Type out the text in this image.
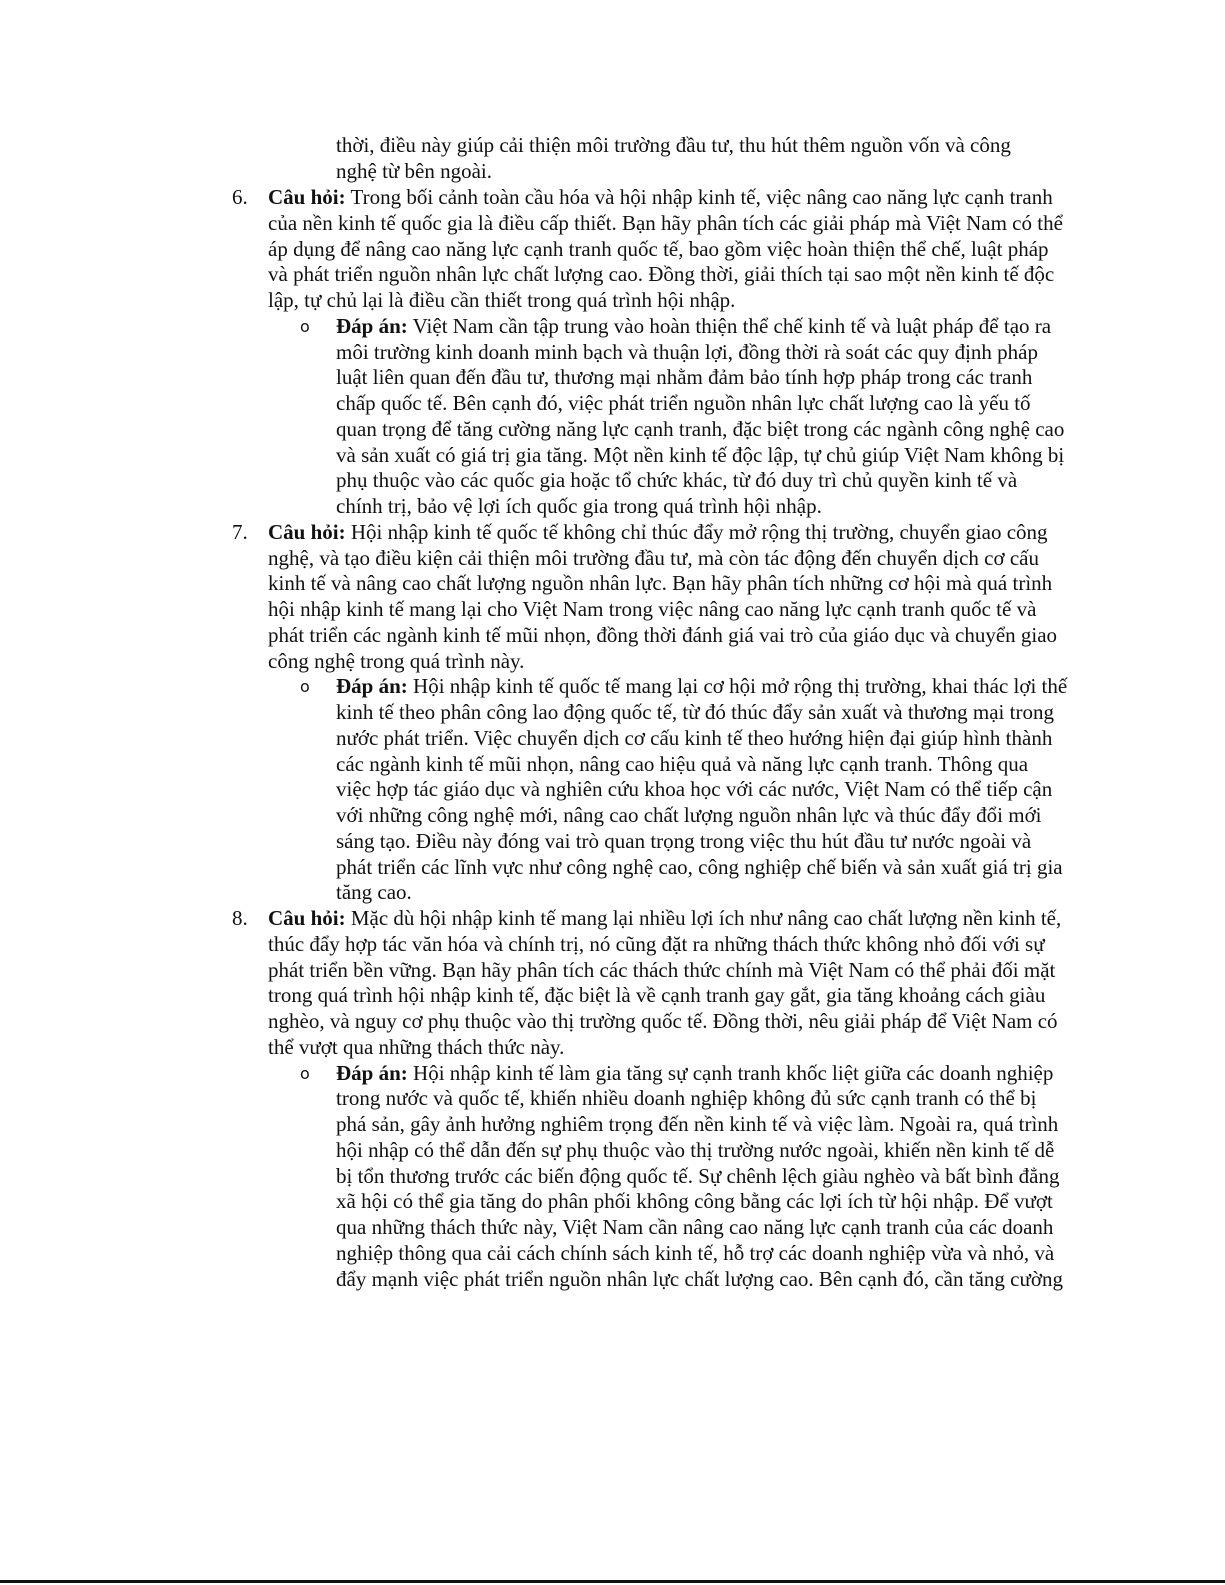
thời, điều này giúp cải thiện môi trường đầu tư, thu hút thêm nguồn vốn và công nghệ từ bên ngoài.

6. Câu hỏi: Trong bối cảnh toàn cầu hóa và hội nhập kinh tế, việc nâng cao năng lực cạnh tranh của nền kinh tế quốc gia là điều cấp thiết. Bạn hãy phân tích các giải pháp mà Việt Nam có thể áp dụng để nâng cao năng lực cạnh tranh quốc tế, bao gồm việc hoàn thiện thể chế, luật pháp và phát triển nguồn nhân lực chất lượng cao. Đồng thời, giải thích tại sao một nền kinh tế độc lập, tự chủ lại là điều cần thiết trong quá trình hội nhập.

o Đáp án: Việt Nam cần tập trung vào hoàn thiện thể chế kinh tế và luật pháp để tạo ra môi trường kinh doanh minh bạch và thuận lợi, đồng thời rà soát các quy định pháp luật liên quan đến đầu tư, thương mại nhằm đảm bảo tính hợp pháp trong các tranh chấp quốc tế. Bên cạnh đó, việc phát triển nguồn nhân lực chất lượng cao là yếu tố quan trọng để tăng cường năng lực cạnh tranh, đặc biệt trong các ngành công nghệ cao và sản xuất có giá trị gia tăng. Một nền kinh tế độc lập, tự chủ giúp Việt Nam không bị phụ thuộc vào các quốc gia hoặc tổ chức khác, từ đó duy trì chủ quyền kinh tế và chính trị, bảo vệ lợi ích quốc gia trong quá trình hội nhập.
7. Câu hỏi: Hội nhập kinh tế quốc tế không chỉ thúc đẩy mở rộng thị trường, chuyển giao công nghệ, và tạo điều kiện cải thiện môi trường đầu tư, mà còn tác động đến chuyển dịch cơ cấu kinh tế và nâng cao chất lượng nguồn nhân lực. Bạn hãy phân tích những cơ hội mà quá trình hội nhập kinh tế mang lại cho Việt Nam trong việc nâng cao năng lực cạnh tranh quốc tế và phát triển các ngành kinh tế mũi nhọn, đồng thời đánh giá vai trò của giáo dục và chuyển giao công nghệ trong quá trình này.

o Đáp án: Hội nhập kinh tế quốc tế mang lại cơ hội mở rộng thị trường, khai thác lợi thế kinh tế theo phân công lao động quốc tế, từ đó thúc đẩy sản xuất và thương mại trong nước phát triển. Việc chuyển dịch cơ cấu kinh tế theo hướng hiện đại giúp hình thành các ngành kinh tế mũi nhọn, nâng cao hiệu quả và năng lực cạnh tranh. Thông qua việc hợp tác giáo dục và nghiên cứu khoa học với các nước, Việt Nam có thể tiếp cận với những công nghệ mới, nâng cao chất lượng nguồn nhân lực và thúc đẩy đổi mới sáng tạo. Điều này đóng vai trò quan trọng trong việc thu hút đầu tư nước ngoài và phát triển các lĩnh vực như công nghệ cao, công nghiệp chế biến và sản xuất giá trị gia tăng cao.
8. Câu hỏi: Mặc dù hội nhập kinh tế mang lại nhiều lợi ích như nâng cao chất lượng nền kinh tế, thúc đẩy hợp tác văn hóa và chính trị, nó cũng đặt ra những thách thức không nhỏ đối với sự phát triển bền vững. Bạn hãy phân tích các thách thức chính mà Việt Nam có thể phải đối mặt trong quá trình hội nhập kinh tế, đặc biệt là về cạnh tranh gay gắt, gia tăng khoảng cách giàu nghèo, và nguy cơ phụ thuộc vào thị trường quốc tế. Đồng thời, nêu giải pháp để Việt Nam có thể vượt qua những thách thức này.

o Đáp án: Hội nhập kinh tế làm gia tăng sự cạnh tranh khốc liệt giữa các doanh nghiệp trong nước và quốc tế, khiến nhiều doanh nghiệp không đủ sức cạnh tranh có thể bị phá sản, gây ảnh hưởng nghiêm trọng đến nền kinh tế và việc làm. Ngoài ra, quá trình hội nhập có thể dẫn đến sự phụ thuộc vào thị trường nước ngoài, khiến nền kinh tế dễ bị tổn thương trước các biến động quốc tế. Sự chênh lệch giàu nghèo và bất bình đẳng xã hội có thể gia tăng do phân phối không công bằng các lợi ích từ hội nhập. Để vượt qua những thách thức này, Việt Nam cần nâng cao năng lực cạnh tranh của các doanh nghiệp thông qua cải cách chính sách kinh tế, hỗ trợ các doanh nghiệp vừa và nhỏ, và đẩy mạnh việc phát triển nguồn nhân lực chất lượng cao. Bên cạnh đó, cần tăng cường
